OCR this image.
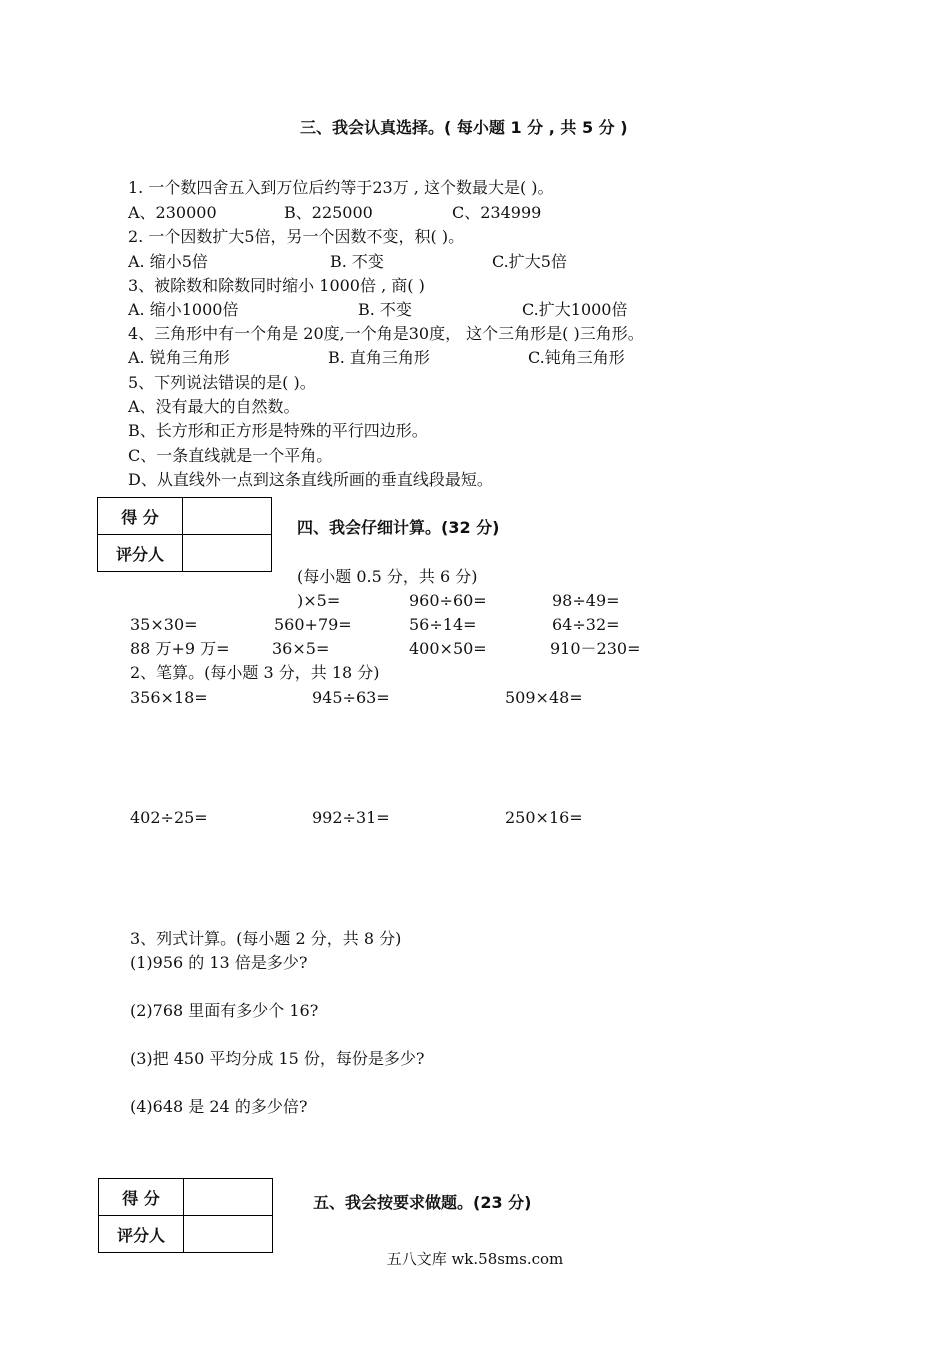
三、我会认真选择。( 每小题 1 分 , 共 5 分 )
1. 一个数四舍五入到万位后约等于23万 , 这个数最大是( )。
A、230000	B、225000	C、234999
2. 一个因数扩大5倍，另一个因数不变，积( )。
A. 缩小5倍	B. 不变	C.扩大5倍
3、被除数和除数同时缩小 1000倍 , 商( )
A. 缩小1000倍	B. 不变	C.扩大1000倍
4、三角形中有一个角是 20度,一个角是30度， 这个三角形是( )三角形。
A. 锐角三角形	B. 直角三角形	C.钝角三角形
5、下列说法错误的是( )。
A、没有最大的自然数。
B、长方形和正方形是特殊的平行四边形。
C、一条直线就是一个平角。
D、从直线外一点到这条直线所画的垂直线段最短。
得 分	
评分人	
四、我会仔细计算。(32 分)
(每小题 0.5 分，共 6 分)
)×5=	960÷60=	98÷49=
35×30=	560+79=	56÷14=	64÷32=
88 万+9 万=	36×5=	400×50=	910－230=
2、笔算。(每小题 3 分，共 18 分)
356×18=	945÷63=	509×48=
402÷25=	992÷31=	250×16=
3、列式计算。(每小题 2 分，共 8 分)
(1)956 的 13 倍是多少?
(2)768 里面有多少个 16?
(3)把 450 平均分成 15 份，每份是多少?
(4)648 是 24 的多少倍?
得 分	
评分人	
五、我会按要求做题。(23 分)
五八文库 wk.58sms.com
